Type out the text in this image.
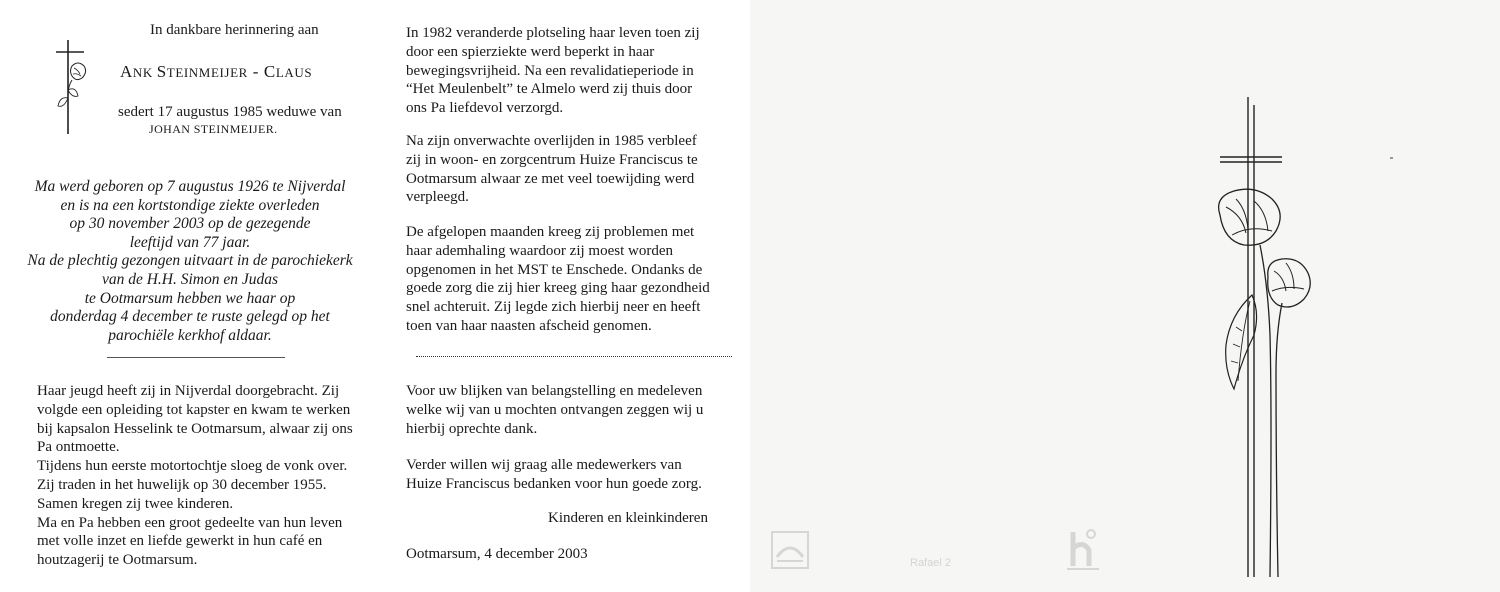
In dankbare herinnering aan
ANK STEINMEIJER - CLAUS
sedert 17 augustus 1985 weduwe van
JOHAN STEINMEIJER.
Ma werd geboren op 7 augustus 1926 te Nijverdal
en is na een kortstondige ziekte overleden
op 30 november 2003 op de gezegende
leeftijd van 77 jaar.
Na de plechtig gezongen uitvaart in de parochiekerk
van de H.H. Simon en Judas
te Ootmarsum hebben we haar op
donderdag 4 december te ruste gelegd op het
parochiële kerkhof aldaar.
Haar jeugd heeft zij in Nijverdal doorgebracht. Zij
volgde een opleiding tot kapster en kwam te werken
bij kapsalon Hesselink te Ootmarsum, alwaar zij ons
Pa ontmoette.
Tijdens hun eerste motortochtje sloeg de vonk over.
Zij traden in het huwelijk op 30 december 1955.
Samen kregen zij twee kinderen.
Ma en Pa hebben een groot gedeelte van hun leven
met volle inzet en liefde gewerkt in hun café en
houtzagerij te Ootmarsum.
In 1982 veranderde plotseling haar leven toen zij
door een spierziekte werd beperkt in haar
bewegingsvrijheid. Na een revalidatieperiode in
“Het Meulenbelt” te Almelo werd zij thuis door
ons Pa liefdevol verzorgd.
Na zijn onverwachte overlijden in 1985 verbleef
zij in woon- en zorgcentrum Huize Franciscus te
Ootmarsum alwaar ze met veel toewijding werd
verpleegd.
De afgelopen maanden kreeg zij problemen met
haar ademhaling waardoor zij moest worden
opgenomen in het MST te Enschede. Ondanks de
goede zorg die zij hier kreeg ging haar gezondheid
snel achteruit. Zij legde zich hierbij neer en heeft
toen van haar naasten afscheid genomen.
Voor uw blijken van belangstelling en medeleven
welke wij van u mochten ontvangen zeggen wij u
hierbij oprechte dank.
Verder willen wij graag alle medewerkers van
Huize Franciscus bedanken voor hun goede zorg.
Kinderen en kleinkinderen
Ootmarsum, 4 december 2003
Rafael 2
